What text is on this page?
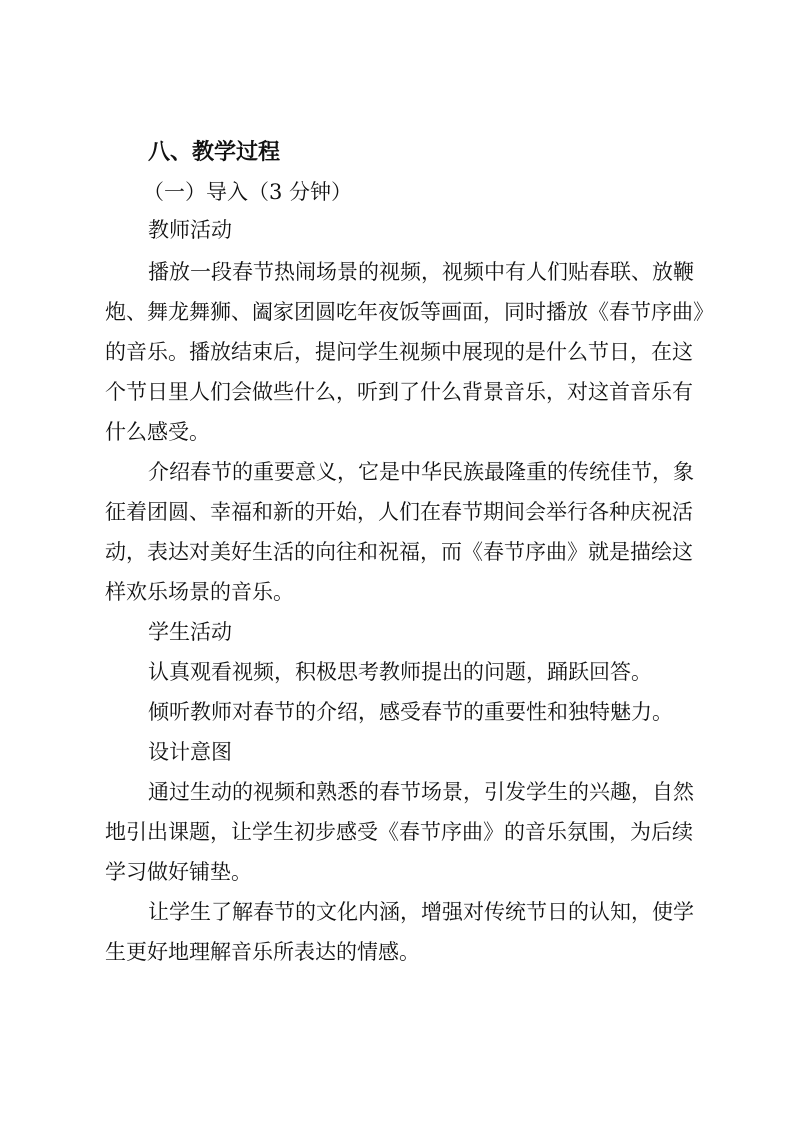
八、教学过程
（一）导入（3 分钟）
教师活动
播放一段春节热闹场景的视频，视频中有人们贴春联、放鞭
炮、舞龙舞狮、阖家团圆吃年夜饭等画面，同时播放《春节序曲》
的音乐。播放结束后，提问学生视频中展现的是什么节日，在这
个节日里人们会做些什么，听到了什么背景音乐，对这首音乐有
什么感受。
介绍春节的重要意义，它是中华民族最隆重的传统佳节，象
征着团圆、幸福和新的开始，人们在春节期间会举行各种庆祝活
动，表达对美好生活的向往和祝福，而《春节序曲》就是描绘这
样欢乐场景的音乐。
学生活动
认真观看视频，积极思考教师提出的问题，踊跃回答。
倾听教师对春节的介绍，感受春节的重要性和独特魅力。
设计意图
通过生动的视频和熟悉的春节场景，引发学生的兴趣，自然
地引出课题，让学生初步感受《春节序曲》的音乐氛围，为后续
学习做好铺垫。
让学生了解春节的文化内涵，增强对传统节日的认知，使学
生更好地理解音乐所表达的情感。
